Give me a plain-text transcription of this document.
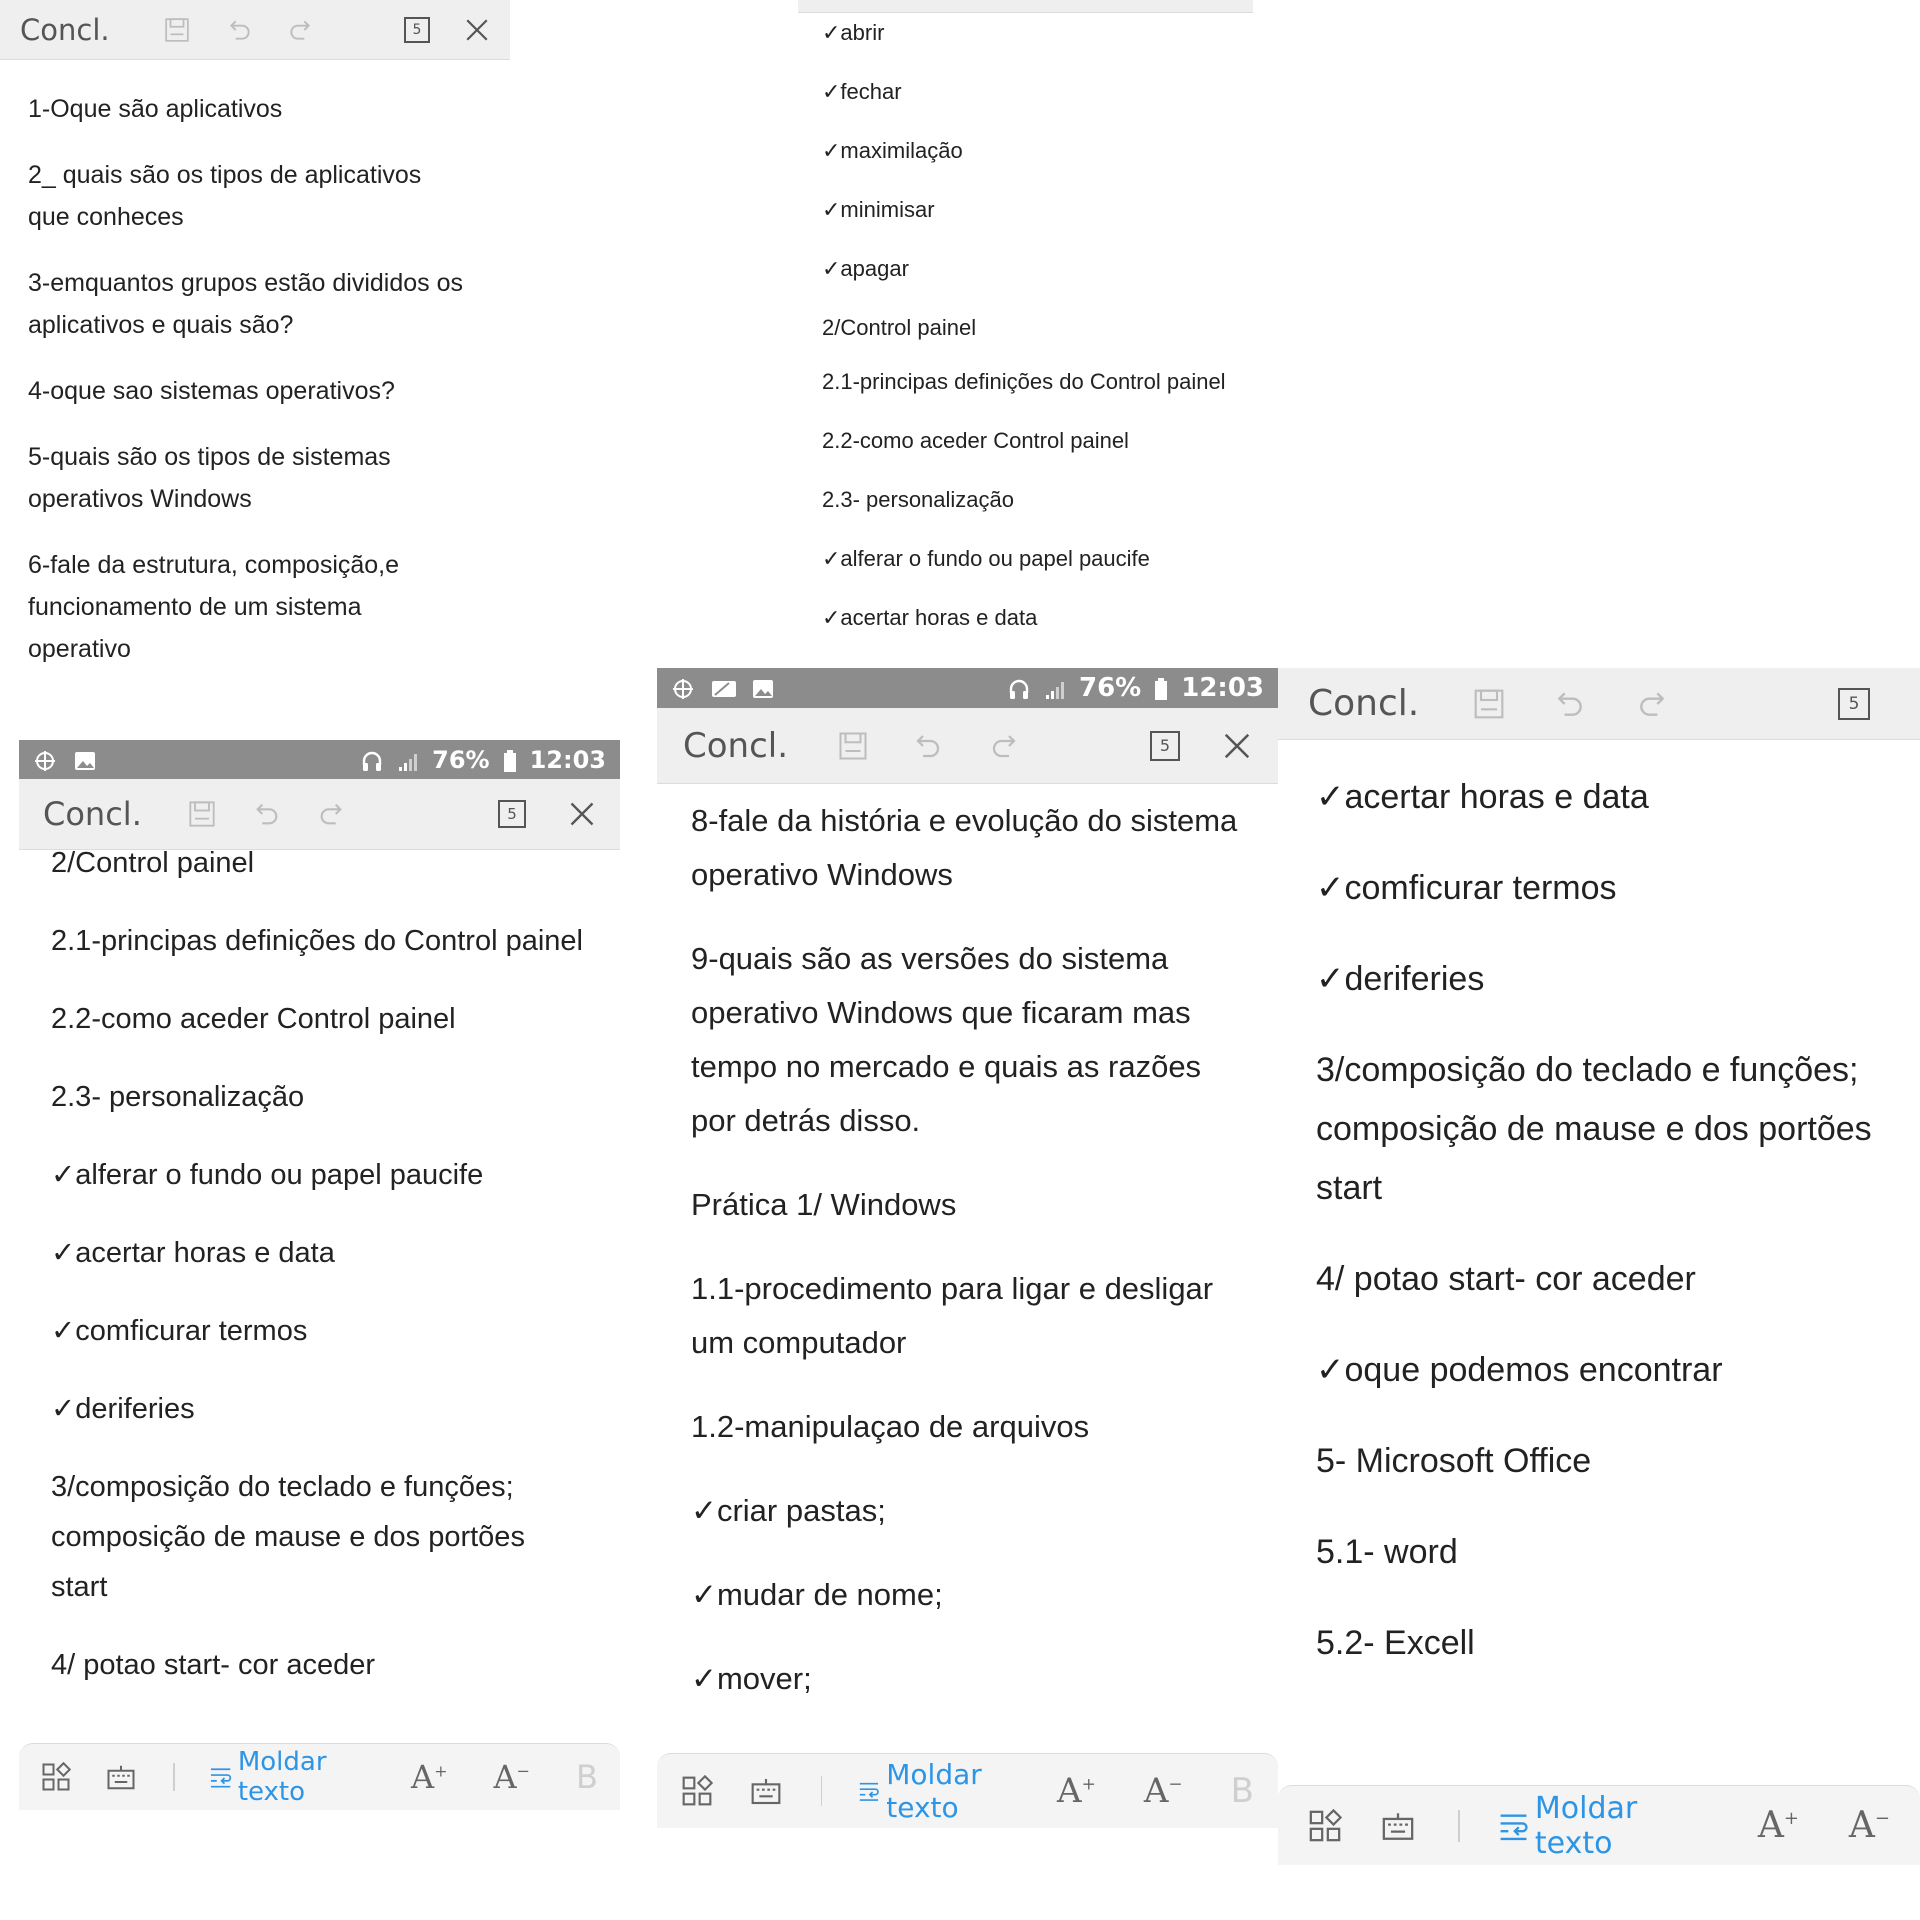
Concl.	5

1-Oque são aplicativos

2_ quais são os tipos de aplicativos que conheces

3-emquantos grupos estão divididos os aplicativos e quais são?

4-oque sao sistemas operativos?

5-quais são os tipos de sistemas operativos Windows

6-fale da estrutura, composição,e funcionamento de um sistema operativo

✓abrir

✓fechar

✓maximilação

✓minimisar

✓apagar

2/Control painel

2.1-principas definições do Control painel

2.2-como aceder Control painel

2.3- personalização

✓alferar o fundo ou papel paucife

✓acertar horas e data

76% 12:03
Concl.	5

2/Control painel

2.1-principas definições do Control painel

2.2-como aceder Control painel

2.3- personalização

✓alferar o fundo ou papel paucife

✓acertar horas e data

✓comficurar termos

✓deriferies

3/composição do teclado e funções; composição de mause e dos portões start

4/ potao start- cor aceder

Moldar texto	A+ A− B
76% 12:03
Concl.	5

8-fale da história e evolução do sistema operativo Windows

9-quais são as versões do sistema operativo Windows que ficaram mas tempo no mercado e quais as razões por detrás disso.

Prática 1/ Windows

1.1-procedimento para ligar e desligar um computador

1.2-manipulaçao de arquivos

✓criar pastas;

✓mudar de nome;

✓mover;

Moldar texto	A+ A− B
Concl.	5

✓acertar horas e data

✓comficurar termos

✓deriferies

3/composição do teclado e funções; composição de mause e dos portões start

4/ potao start- cor aceder

✓oque podemos encontrar

5- Microsoft Office

5.1- word

5.2- Excell

Moldar texto	A+ A−
